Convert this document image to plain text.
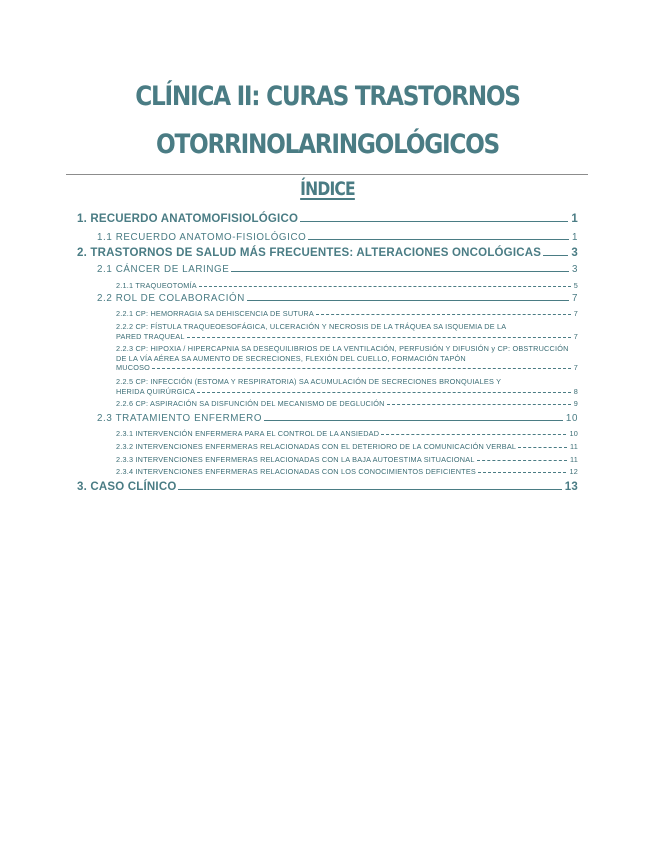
CLÍNICA II: CURAS TRASTORNOS
OTORRINOLARINGOLÓGICOS
ÍNDICE
1. RECUERDO ANATOMOFISIOLÓGICO	1
1.1 RECUERDO ANATOMO-FISIOLÓGICO	1
2. TRASTORNOS DE SALUD MÁS FRECUENTES: ALTERACIONES ONCOLÓGICAS	3
2.1 CÁNCER DE LARINGE	3
2.1.1 TRAQUEOTOMÍA	5
2.2 ROL DE COLABORACIÓN	7
2.2.1 CP: HEMORRAGIA SA DEHISCENCIA DE SUTURA	7
2.2.2 CP: FÍSTULA TRAQUEOESOFÁGICA, ULCERACIÓN Y NECROSIS DE LA TRÁQUEA SA ISQUEMIA DE LA
PARED TRAQUEAL	7
2.2.3 CP: HIPOXIA / HIPERCAPNIA SA DESEQUILIBRIOS DE LA VENTILACIÓN, PERFUSIÓN Y DIFUSIÓN y CP: OBSTRUCCIÓN DE LA VÍA AÉREA SA AUMENTO DE SECRECIONES, FLEXIÓN DEL CUELLO, FORMACIÓN TAPÓN
MUCOSO	7
2.2.5 CP: INFECCIÓN (ESTOMA Y RESPIRATORIA) SA ACUMULACIÓN DE SECRECIONES BRONQUIALES Y
HERIDA QUIRÚRGICA	8
2.2.6 CP: ASPIRACIÓN SA DISFUNCIÓN DEL MECANISMO DE DEGLUCIÓN	9
2.3 TRATAMIENTO ENFERMERO	10
2.3.1 INTERVENCIÓN ENFERMERA PARA EL CONTROL DE LA ANSIEDAD	10
2.3.2 INTERVENCIONES ENFERMERAS RELACIONADAS CON EL DETERIORO DE LA COMUNICACIÓN VERBAL	11
2.3.3 INTERVENCIONES ENFERMERAS RELACIONADAS CON LA BAJA AUTOESTIMA SITUACIONAL	11
2.3.4 INTERVENCIONES ENFERMERAS RELACIONADAS CON LOS CONOCIMIENTOS DEFICIENTES	12
3. CASO CLÍNICO	13
